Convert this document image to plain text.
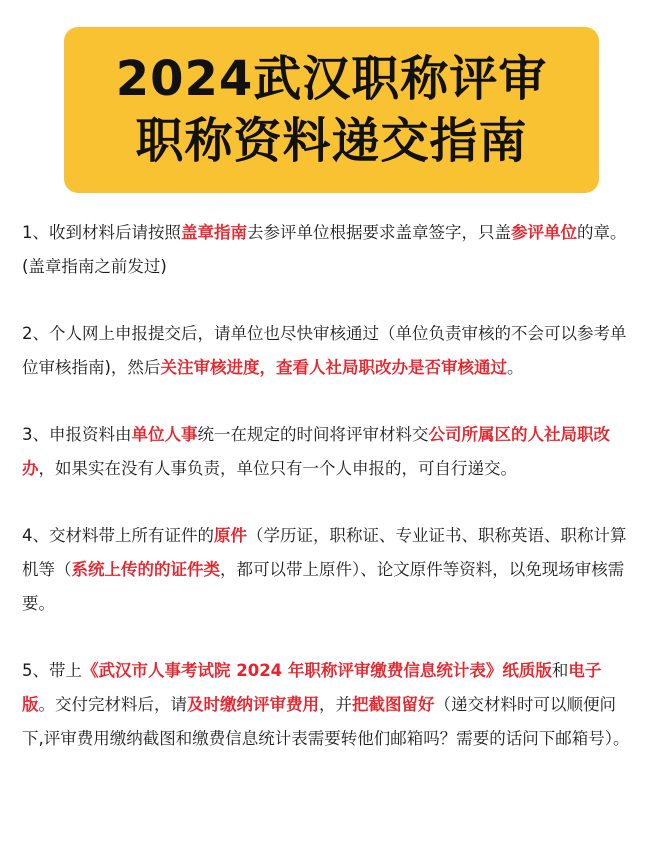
2024武汉职称评审
职称资料递交指南

1、收到材料后请按照盖章指南去参评单位根据要求盖章签字，只盖参评单位的章。(盖章指南之前发过)

2、个人网上申报提交后，请单位也尽快审核通过（单位负责审核的不会可以参考单位审核指南)，然后关注审核进度，查看人社局职改办是否审核通过。

3、申报资料由单位人事统一在规定的时间将评审材料交公司所属区的人社局职改办，如果实在没有人事负责，单位只有一个人申报的，可自行递交。

4、交材料带上所有证件的原件（学历证，职称证、专业证书、职称英语、职称计算机等（系统上传的的证件类，都可以带上原件）、论文原件等资料，以免现场审核需要。

5、带上《武汉市人事考试院 2024 年职称评审缴费信息统计表》纸质版和电子版。交付完材料后，请及时缴纳评审费用，并把截图留好（递交材料时可以顺便问下,评审费用缴纳截图和缴费信息统计表需要转他们邮箱吗？需要的话问下邮箱号）。
